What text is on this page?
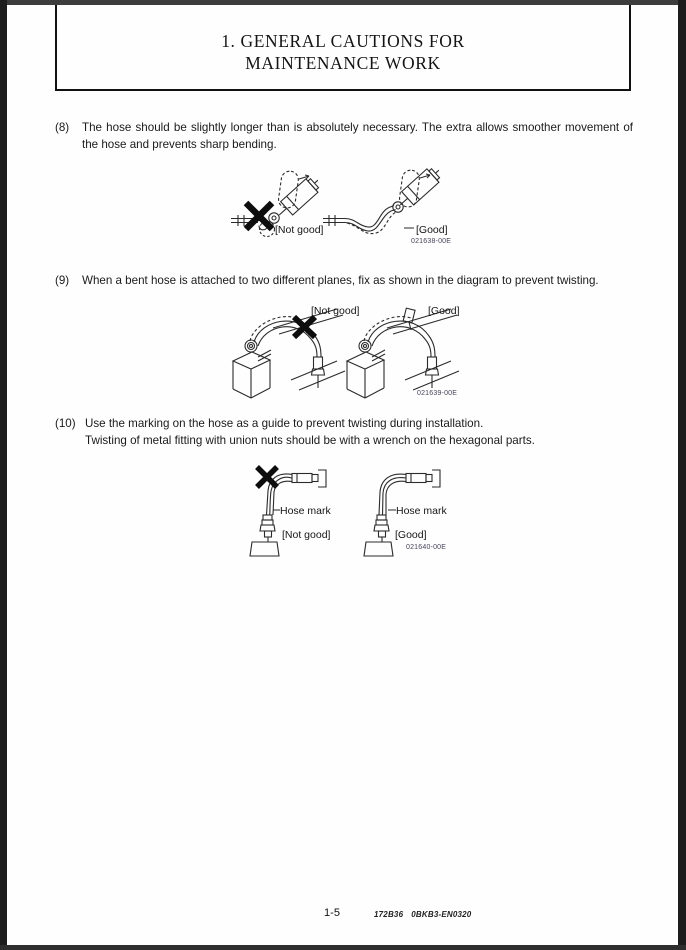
1. GENERAL CAUTIONS FOR
MAINTENANCE WORK
(8)	The hose should be slightly longer than is absolutely necessary. The extra allows smoother movement of the hose and prevents sharp bending.
[Not good]	[Good]
021638-00E
(9)	When a bent hose is attached to two different planes, fix as shown in the diagram to prevent twisting.
[Not good]	[Good]
021639-00E
(10) Use the marking on the hose as a guide to prevent twisting during installation.
Twisting of metal fitting with union nuts should be with a wrench on the hexagonal parts.
Hose mark
[Not good]
Hose mark
[Good]
021640-00E
1-5	172B36 0BKB3-EN0320
